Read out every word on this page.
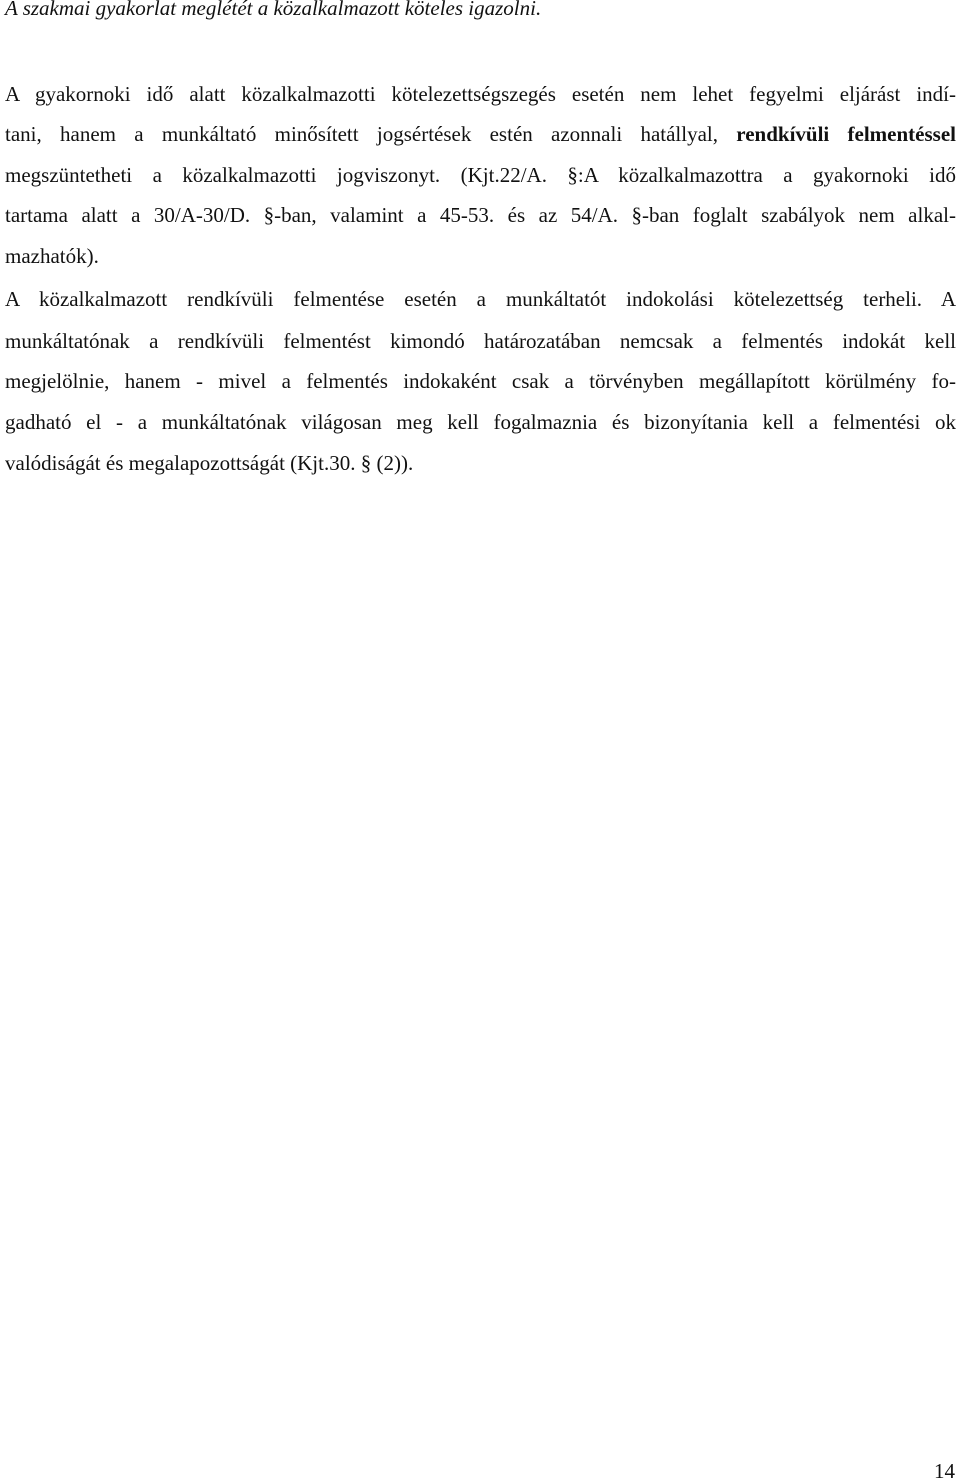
A szakmai gyakorlat meglétét a közalkalmazott köteles igazolni.
A gyakornoki idő alatt közalkalmazotti kötelezettségszegés esetén nem lehet fegyelmi eljárást indí-
tani, hanem a munkáltató minősített jogsértések estén azonnali hatállyal, rendkívüli felmentéssel
megszüntetheti a közalkalmazotti jogviszonyt. (Kjt.22/A. §:A közalkalmazottra a gyakornoki idő
tartama alatt a 30/A-30/D. §-ban, valamint a 45-53. és az 54/A. §-ban foglalt szabályok nem alkal-
mazhatók).
A közalkalmazott rendkívüli felmentése esetén a munkáltatót indokolási kötelezettség terheli. A
munkáltatónak a rendkívüli felmentést kimondó határozatában nemcsak a felmentés indokát kell
megjelölnie, hanem - mivel a felmentés indokaként csak a törvényben megállapított körülmény fo-
gadható el - a munkáltatónak világosan meg kell fogalmaznia és bizonyítania kell a felmentési ok
valódiságát és megalapozottságát (Kjt.30. § (2)).
14
